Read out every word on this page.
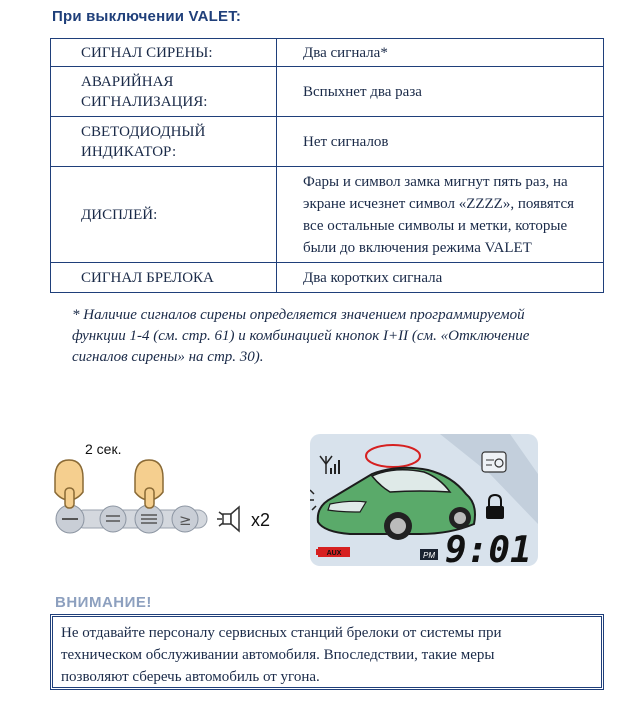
При выключении VALET:
СИГНАЛ СИРЕНЫ:	Два сигнала*

АВАРИЙНАЯ
СИГНАЛИЗАЦИЯ:	Вспыхнет два раза

СВЕТОДИОДНЫЙ
ИНДИКАТОР:	Нет сигналов
ДИСПЛЕЙ:	Фары и символ замка мигнут пять раз, на
экране исчезнет символ «ZZZZ», появятся
все остальные символы и метки, которые
были до включения режима VALET

СИГНАЛ БРЕЛОКА	Два коротких сигнала
* Наличие сигналов сирены определяется значением программируемой
функции 1-4 (см. стр. 61) и комбинацией кнопок I+II (см. «Отключение
сигналов сирены» на стр. 30).
2 сек.
≥	x2
AUX	PM 9:01
ВНИМАНИЕ!
Не отдавайте персоналу сервисных станций брелоки от системы при
техническом обслуживании автомобиля. Впоследствии, такие меры
позволяют сберечь автомобиль от угона.
